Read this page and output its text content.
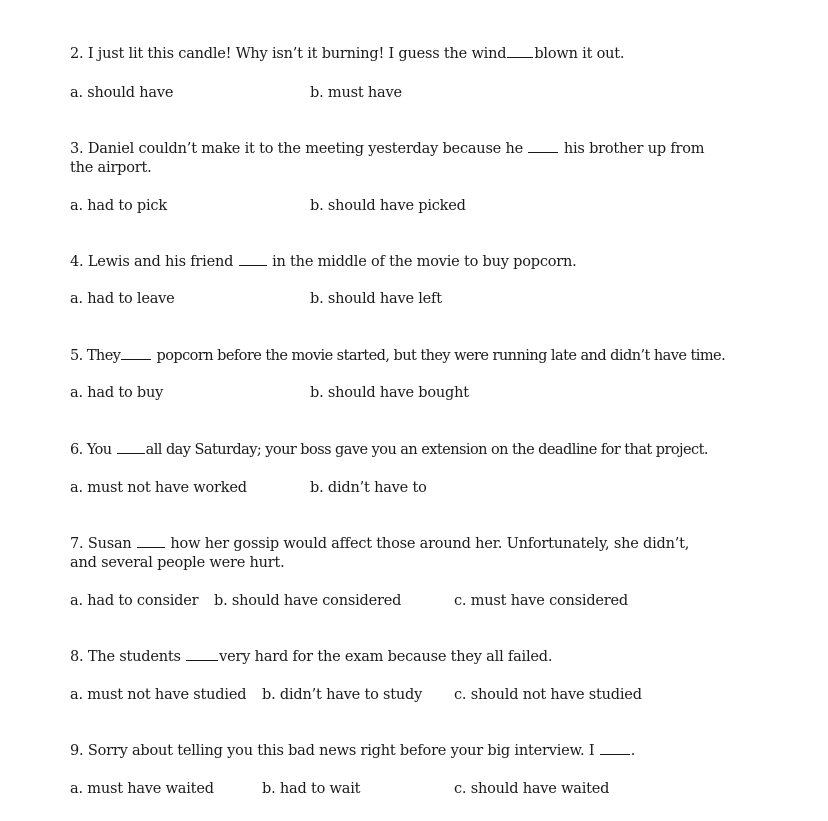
2. I just lit this candle! Why isn’t it burning! I guess the wind blown it out.
a. should have	b. must have
3. Daniel couldn’t make it to the meeting yesterday because he	his brother up from the airport.
a. had to pick	b. should have picked
4. Lewis and his friend	in the middle of the movie to buy popcorn.
a. had to leave	b. should have left
5. They popcorn before the movie started, but they were running late and didn’t have time.
a. had to buy	b. should have bought
6. You all day Saturday; your boss gave you an extension on the deadline for that project.
a. must not have worked	b. didn’t have to
7. Susan	how her gossip would affect those around her. Unfortunately, she didn’t, and several people were hurt.
a. had to consider b. should have considered	c. must have considered
8. The students	very hard for the exam because they all failed.
a. must not have studied b. didn’t have to study c. should not have studied
9. Sorry about telling you this bad news right before your big interview. I	.
a. must have waited	b. had to wait	c. should have waited
